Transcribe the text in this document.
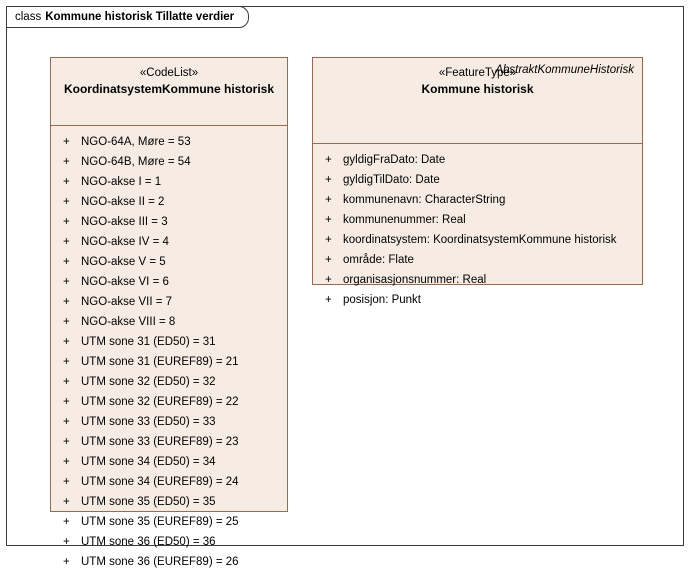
class Kommune historisk Tillatte verdier
«CodeList»
KoordinatsystemKommune historisk
+ NGO-64A, Møre = 53
+ NGO-64B, Møre = 54
+ NGO-akse I = 1
+ NGO-akse II = 2
+ NGO-akse III = 3
+ NGO-akse IV = 4
+ NGO-akse V = 5
+ NGO-akse VI = 6
+ NGO-akse VII = 7
+ NGO-akse VIII = 8
+ UTM sone 31 (ED50) = 31
+ UTM sone 31 (EUREF89) = 21
+ UTM sone 32 (ED50) = 32
+ UTM sone 32 (EUREF89) = 22
+ UTM sone 33 (ED50) = 33
+ UTM sone 33 (EUREF89) = 23
+ UTM sone 34 (ED50) = 34
+ UTM sone 34 (EUREF89) = 24
+ UTM sone 35 (ED50) = 35
+ UTM sone 35 (EUREF89) = 25
+ UTM sone 36 (ED50) = 36
+ UTM sone 36 (EUREF89) = 26
AbstraktKommuneHistorisk
«FeatureType»
Kommune historisk
+ gyldigFraDato: Date
+ gyldigTilDato: Date
+ kommunenavn: CharacterString
+ kommunenummer: Real
+ koordinatsystem: KoordinatsystemKommune historisk
+ område: Flate
+ organisasjonsnummer: Real
+ posisjon: Punkt
